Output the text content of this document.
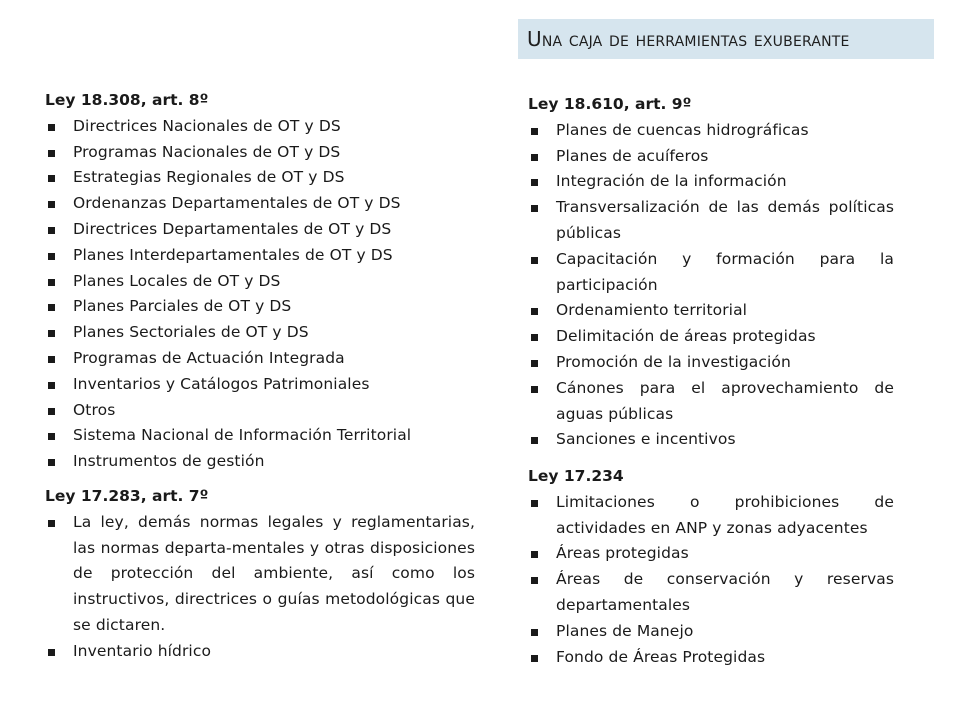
Una caja de herramientas exuberante

Ley 18.308, art. 8º

Directrices Nacionales de OT y DS
Programas Nacionales de OT y DS
Estrategias Regionales de OT y DS
Ordenanzas Departamentales de OT y DS
Directrices Departamentales de OT y DS
Planes Interdepartamentales de OT y DS
Planes Locales de OT y DS
Planes Parciales de OT y DS
Planes Sectoriales de OT y DS
Programas de Actuación Integrada
Inventarios y Catálogos Patrimoniales
Otros
Sistema Nacional de Información Territorial
Instrumentos de gestión

Ley 17.283, art. 7º

La ley, demás normas legales y reglamentarias, las normas departa-mentales y otras disposiciones de protección del ambiente, así como los instructivos, directrices o guías metodológicas que se dictaren.
Inventario hídrico

Ley 18.610, art. 9º

Planes de cuencas hidrográficas
Planes de acuíferos
Integración de la información
Transversalización de las demás políticas públicas
Capacitación y formación para la participación
Ordenamiento territorial
Delimitación de áreas protegidas
Promoción de la investigación
Cánones para el aprovechamiento de aguas públicas
Sanciones e incentivos

Ley 17.234

Limitaciones o prohibiciones de actividades en ANP y zonas adyacentes
Áreas protegidas
Áreas de conservación y reservas departamentales
Planes de Manejo
Fondo de Áreas Protegidas
